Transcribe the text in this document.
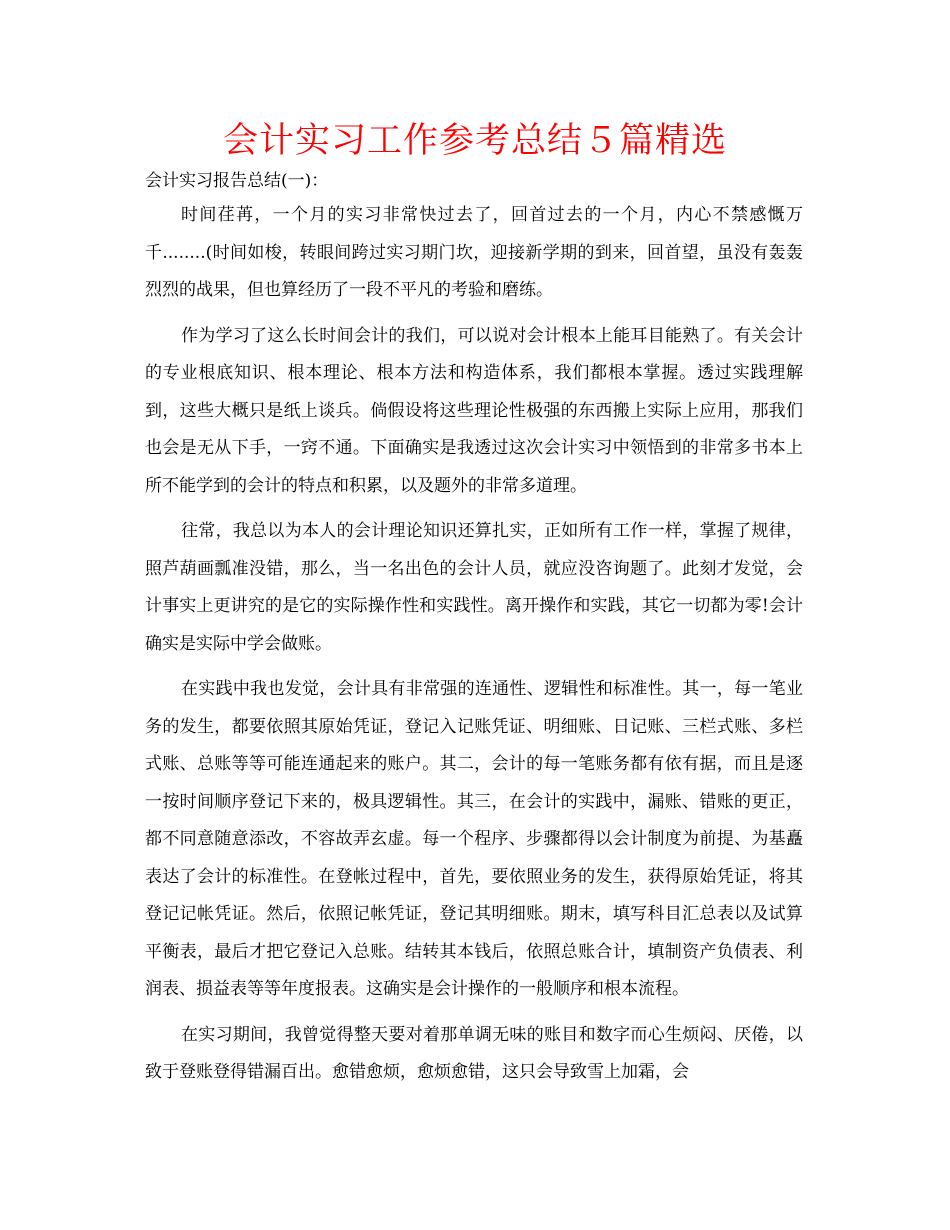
会计实习工作参考总结５篇精选
会计实习报告总结(一)：

时间荏苒，一个月的实习非常快过去了，回首过去的一个月，内心不禁感慨万千........(时间如梭，转眼间跨过实习期门坎，迎接新学期的到来，回首望，虽没有轰轰烈烈的战果，但也算经历了一段不平凡的考验和磨练。

作为学习了这么长时间会计的我们，可以说对会计根本上能耳目能熟了。有关会计的专业根底知识、根本理论、根本方法和构造体系，我们都根本掌握。透过实践理解到，这些大概只是纸上谈兵。倘假设将这些理论性极强的东西搬上实际上应用，那我们也会是无从下手，一窍不通。下面确实是我透过这次会计实习中领悟到的非常多书本上所不能学到的会计的特点和积累，以及题外的非常多道理。

往常，我总以为本人的会计理论知识还算扎实，正如所有工作一样，掌握了规律，照芦葫画瓢准没错，那么，当一名出色的会计人员，就应没咨询题了。此刻才发觉，会计事实上更讲究的是它的实际操作性和实践性。离开操作和实践，其它一切都为零!会计确实是实际中学会做账。

在实践中我也发觉，会计具有非常强的连通性、逻辑性和标准性。其一，每一笔业务的发生，都要依照其原始凭证，登记入记账凭证、明细账、日记账、三栏式账、多栏式账、总账等等可能连通起来的账户。其二，会计的每一笔账务都有依有据，而且是逐一按时间顺序登记下来的，极具逻辑性。其三，在会计的实践中，漏账、错账的更正，都不同意随意添改，不容故弄玄虚。每一个程序、步骤都得以会计制度为前提、为基矗表达了会计的标准性。在登帐过程中，首先，要依照业务的发生，获得原始凭证，将其登记记帐凭证。然后，依照记帐凭证，登记其明细账。期末，填写科目汇总表以及试算平衡表，最后才把它登记入总账。结转其本钱后，依照总账合计，填制资产负债表、利润表、损益表等等年度报表。这确实是会计操作的一般顺序和根本流程。

在实习期间，我曾觉得整天要对着那单调无味的账目和数字而心生烦闷、厌倦，以致于登账登得错漏百出。愈错愈烦，愈烦愈错，这只会导致雪上加霜，会
